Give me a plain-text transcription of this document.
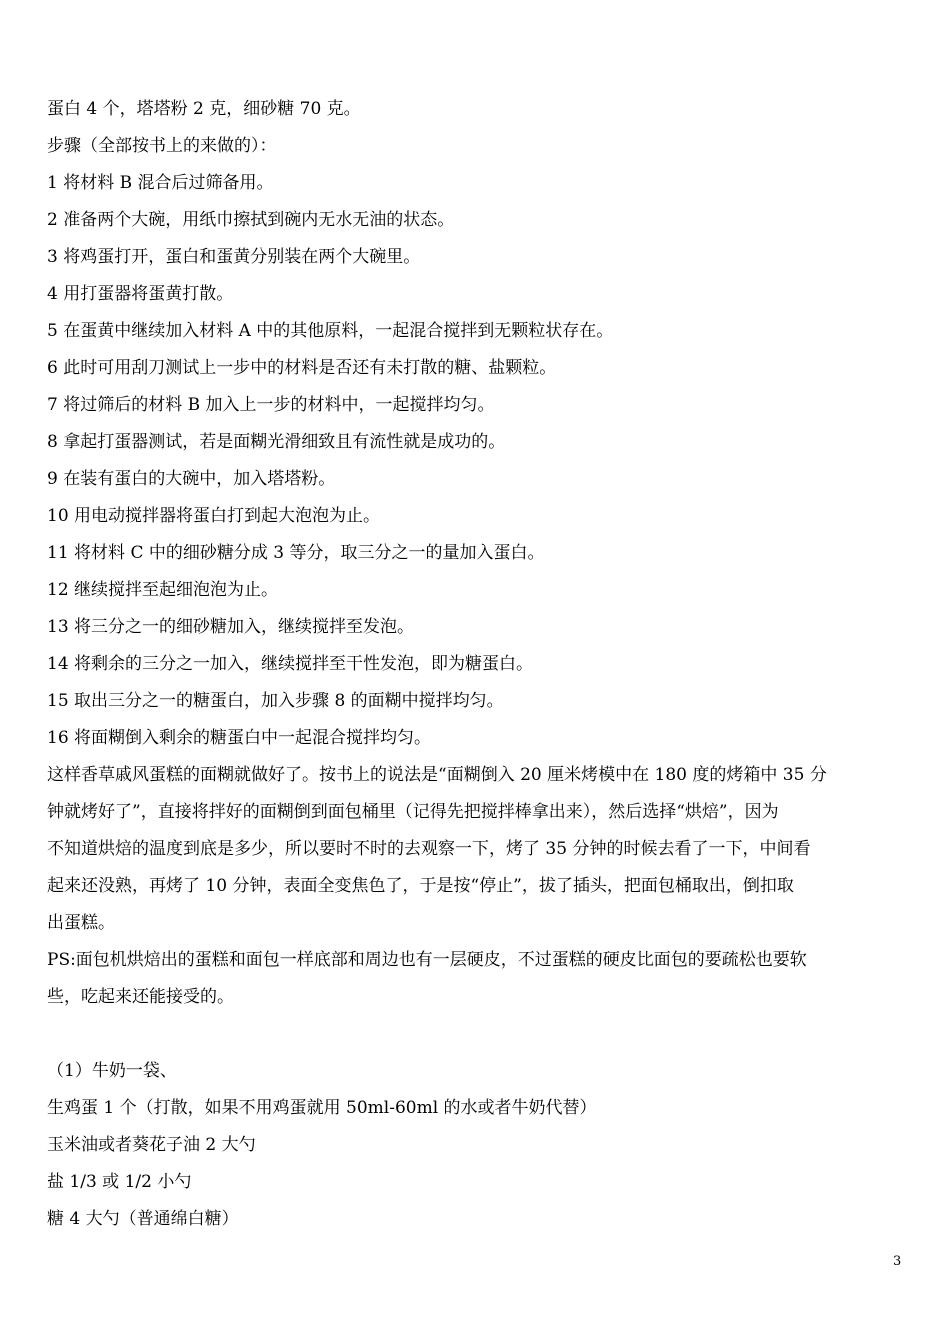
蛋白 4 个，塔塔粉 2 克，细砂糖 70 克。
步骤（全部按书上的来做的）：
1 将材料 B 混合后过筛备用。
2 准备两个大碗，用纸巾擦拭到碗内无水无油的状态。
3 将鸡蛋打开，蛋白和蛋黄分别装在两个大碗里。
4 用打蛋器将蛋黄打散。
5 在蛋黄中继续加入材料 A 中的其他原料，一起混合搅拌到无颗粒状存在。
6 此时可用刮刀测试上一步中的材料是否还有未打散的糖、盐颗粒。
7 将过筛后的材料 B 加入上一步的材料中，一起搅拌均匀。
8 拿起打蛋器测试，若是面糊光滑细致且有流性就是成功的。
9 在装有蛋白的大碗中，加入塔塔粉。
10 用电动搅拌器将蛋白打到起大泡泡为止。
11 将材料 C 中的细砂糖分成 3 等分，取三分之一的量加入蛋白。
12 继续搅拌至起细泡泡为止。
13 将三分之一的细砂糖加入，继续搅拌至发泡。
14 将剩余的三分之一加入，继续搅拌至干性发泡，即为糖蛋白。
15 取出三分之一的糖蛋白，加入步骤 8 的面糊中搅拌均匀。
16 将面糊倒入剩余的糖蛋白中一起混合搅拌均匀。
这样香草戚风蛋糕的面糊就做好了。按书上的说法是“面糊倒入 20 厘米烤模中在 180 度的烤箱中 35 分
钟就烤好了”，直接将拌好的面糊倒到面包桶里（记得先把搅拌棒拿出来），然后选择“烘焙”，因为
不知道烘焙的温度到底是多少，所以要时不时的去观察一下，烤了 35 分钟的时候去看了一下，中间看
起来还没熟，再烤了 10 分钟，表面全变焦色了，于是按“停止”，拔了插头，把面包桶取出，倒扣取
出蛋糕。
PS:面包机烘焙出的蛋糕和面包一样底部和周边也有一层硬皮，不过蛋糕的硬皮比面包的要疏松也要软
些，吃起来还能接受的。
（1）牛奶一袋、
生鸡蛋 1 个（打散，如果不用鸡蛋就用 50ml-60ml 的水或者牛奶代替）
玉米油或者葵花子油 2 大勺
盐 1/3 或 1/2 小勺
糖 4 大勺（普通绵白糖）
3
